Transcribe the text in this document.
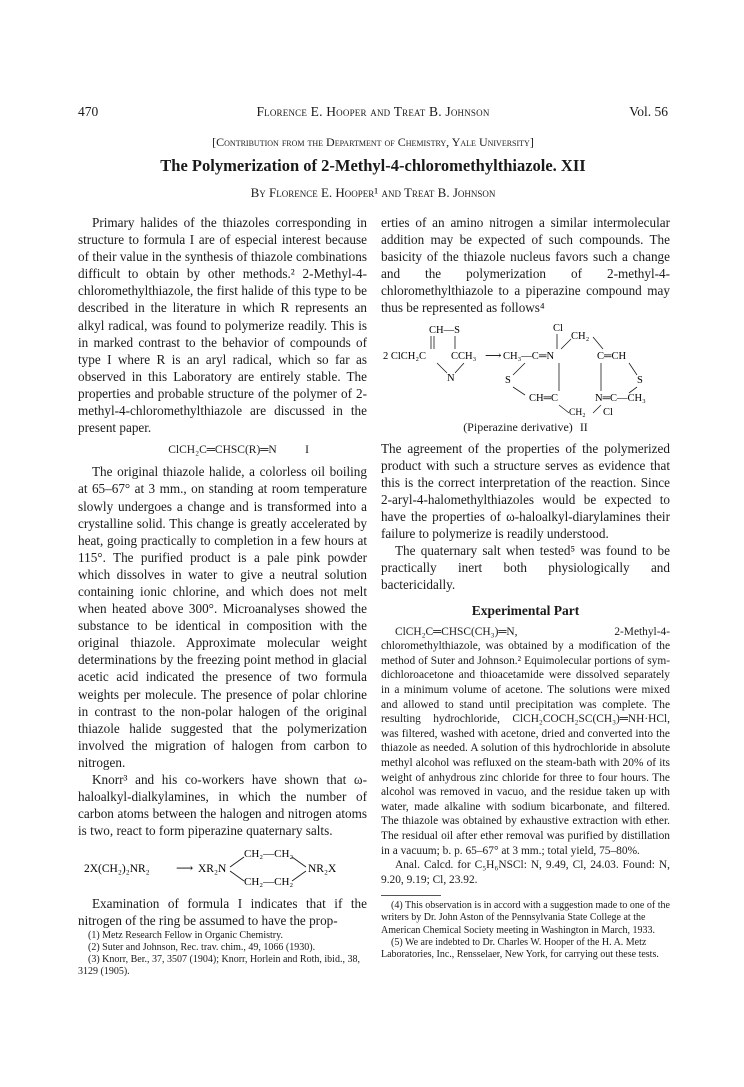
470	Florence E. Hooper and Treat B. Johnson	Vol. 56
[Contribution from the Department of Chemistry, Yale University]
The Polymerization of 2-Methyl-4-chloromethylthiazole. XII
By Florence E. Hooper¹ and Treat B. Johnson

Primary halides of the thiazoles corresponding in structure to formula I are of especial interest because of their value in the synthesis of thiazole combinations difficult to obtain by other methods.² 2-Methyl-4-chloromethylthiazole, the first halide of this type to be described in the literature in which R represents an alkyl radical, was found to polymerize readily. This is in marked contrast to the behavior of compounds of type I where R is an aryl radical, which so far as observed in this Laboratory are entirely stable. The properties and probable structure of the polymer of 2-methyl-4-chloromethylthiazole are discussed in the present paper.

ClCH₂C═CHSC(R)═N I

The original thiazole halide, a colorless oil boiling at 65–67° at 3 mm., on standing at room temperature slowly undergoes a change and is transformed into a crystalline solid. This change is greatly accelerated by heat, going practically to completion in a few hours at 115°. The purified product is a pale pink powder which dissolves in water to give a neutral solution containing ionic chlorine, and which does not melt when heated above 300°. Microanalyses showed the substance to be identical in composition with the original thiazole. Approximate molecular weight determinations by the freezing point method in glacial acetic acid indicated the presence of two formula weights per molecule. The presence of polar chlorine in contrast to the non-polar halogen of the original thiazole halide suggested that the polymerization involved the migration of halogen from carbon to nitrogen.

Knorr³ and his co-workers have shown that ω-haloalkyl-dialkylamines, in which the number of carbon atoms between the halogen and nitrogen atoms is two, react to form piperazine quaternary salts.

2X(CH₂)₂NR₂ ⟶ XR₂N
CH₂—CH₂
CH₂—CH₂
NR₂X

Examination of formula I indicates that if the nitrogen of the ring be assumed to have the prop-

(1) Metz Research Fellow in Organic Chemistry.

(2) Suter and Johnson, Rec. trav. chim., 49, 1066 (1930).

(3) Knorr, Ber., 37, 3507 (1904); Knorr, Horlein and Roth, ibid., 38, 3129 (1905).

erties of an amino nitrogen a similar intermolecular addition may be expected of such compounds. The basicity of the thiazole nucleus favors such a change and the polymerization of 2-methyl-4-chloromethylthiazole to a piperazine compound may thus be represented as follows⁴

CH—S
2 ClCH₂C CCH₃
N
⟶ CH₃—C ═N
Cl
CH₂
C═CH
S	S
CH═C	N═C—CH₃
CH₂ Cl
(Piperazine derivative) II

The agreement of the properties of the polymerized product with such a structure serves as evidence that this is the correct interpretation of the reaction. Since 2-aryl-4-halomethylthiazoles would be expected to have the properties of ω-haloalkyl-diarylamines their failure to polymerize is readily understood.

The quaternary salt when tested⁵ was found to be practically inert both physiologically and bactericidally.

Experimental Part

ClCH₂C═CHSC(CH₃)═N, 2-Methyl-4-chloromethylthiazole, was obtained by a modification of the method of Suter and Johnson.² Equimolecular portions of sym-dichloroacetone and thioacetamide were dissolved separately in a minimum volume of acetone. The solutions were mixed and allowed to stand until precipitation was complete. The resulting hydrochloride, ClCH₂COCH₂SC(CH₃)═NH·HCl, was filtered, washed with acetone, dried and converted into the thiazole as needed. A solution of this hydrochloride in absolute methyl alcohol was refluxed on the steam-bath with 20% of its weight of anhydrous zinc chloride for three to four hours. The alcohol was removed in vacuo, and the residue taken up with water, made alkaline with sodium bicarbonate, and filtered. The thiazole was obtained by exhaustive extraction with ether. The residual oil after ether removal was purified by distillation in a vacuum; b. p. 65–67° at 3 mm.; total yield, 75–80%.

Anal. Calcd. for C₅H₆NSCl: N, 9.49, Cl, 24.03. Found: N, 9.20, 9.19; Cl, 23.92.

(4) This observation is in accord with a suggestion made to one of the writers by Dr. John Aston of the Pennsylvania State College at the American Chemical Society meeting in Washington in March, 1933.

(5) We are indebted to Dr. Charles W. Hooper of the H. A. Metz Laboratories, Inc., Rensselaer, New York, for carrying out these tests.
